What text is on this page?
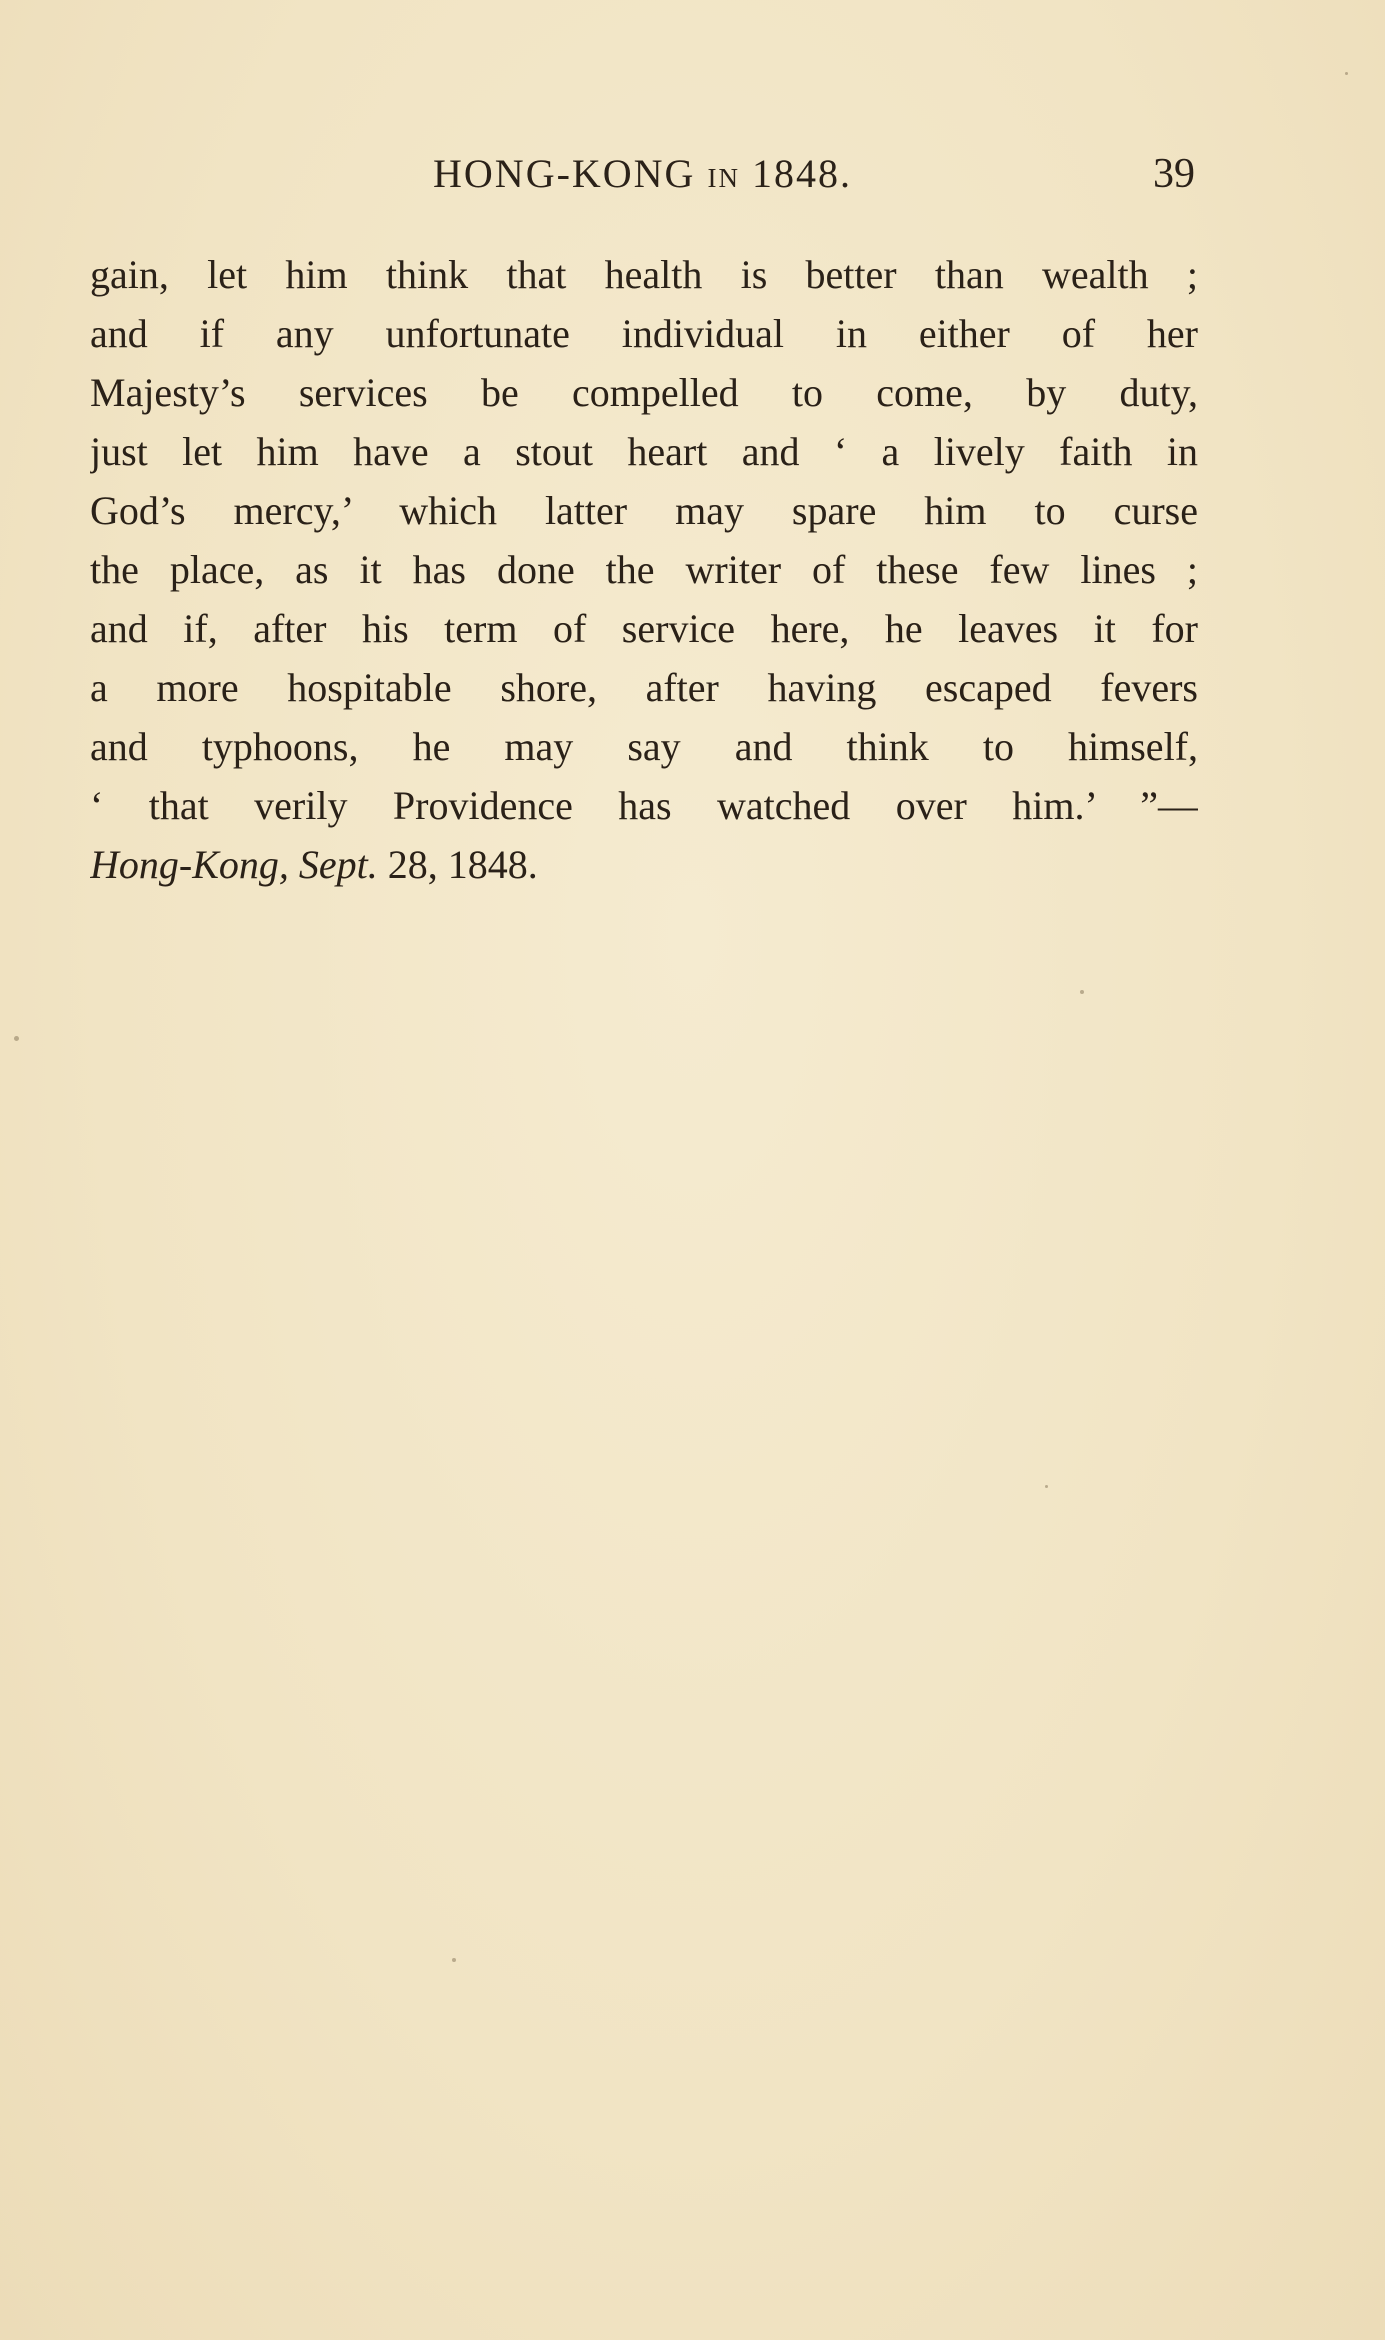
HONG-KONG in 1848.	39
gain, let him think that health is better than wealth ;
and if any unfortunate individual in either of her
Majesty’s services be compelled to come, by duty,
just let him have a stout heart and ‘ a lively faith in
God’s mercy,’ which latter may spare him to curse
the place, as it has done the writer of these few lines ;
and if, after his term of service here, he leaves it for
a more hospitable shore, after having escaped fevers
and typhoons, he may say and think to himself,
‘ that verily Providence has watched over him.’ ”—
Hong-Kong, Sept. 28, 1848.
